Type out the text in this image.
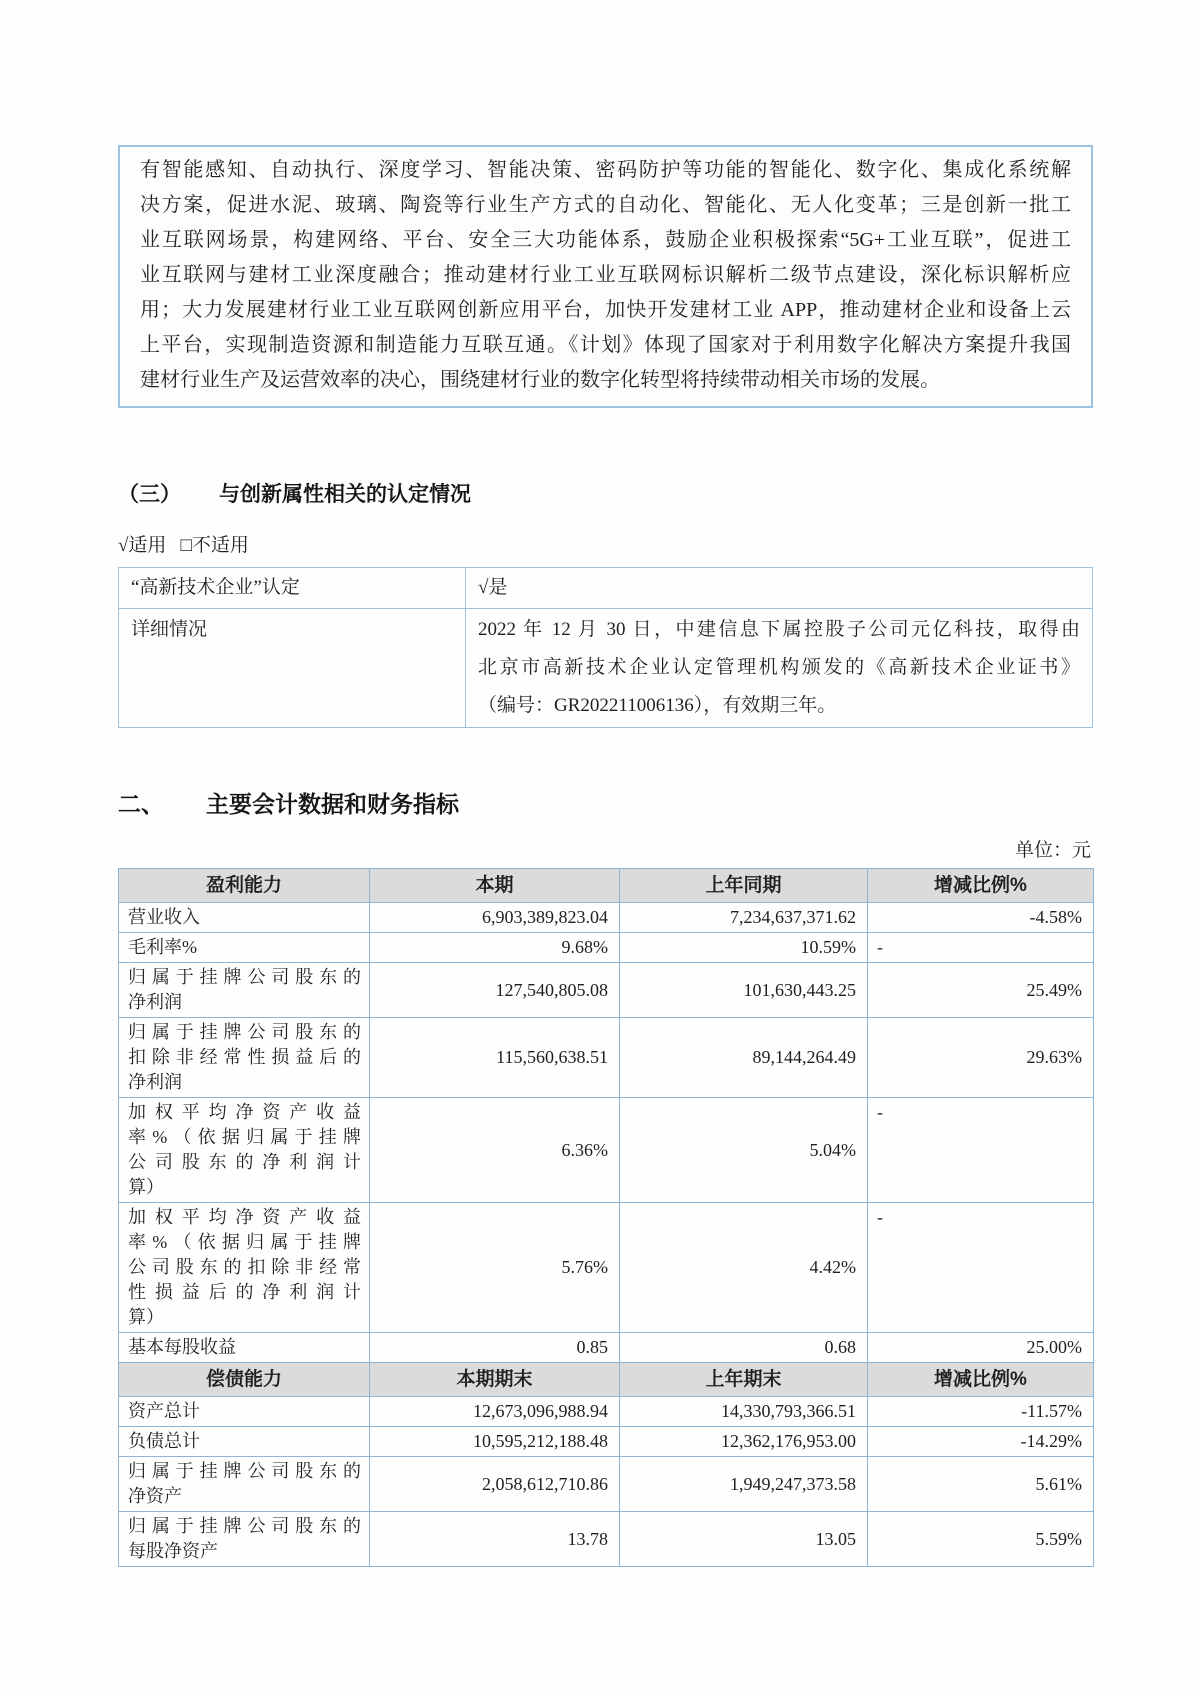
有智能感知、自动执行、深度学习、智能决策、密码防护等功能的智能化、数字化、集成化系统解
决方案，促进水泥、玻璃、陶瓷等行业生产方式的自动化、智能化、无人化变革；三是创新一批工
业互联网场景，构建网络、平台、安全三大功能体系，鼓励企业积极探索“5G+工业互联”，促进工
业互联网与建材工业深度融合；推动建材行业工业互联网标识解析二级节点建设，深化标识解析应
用；大力发展建材行业工业互联网创新应用平台，加快开发建材工业 APP，推动建材企业和设备上云
上平台，实现制造资源和制造能力互联互通。《计划》体现了国家对于利用数字化解决方案提升我国
建材行业生产及运营效率的决心，围绕建材行业的数字化转型将持续带动相关市场的发展。
（三） 与创新属性相关的认定情况
√适用 □不适用
“高新技术企业”认定	√是
详细情况	2022 年 12 月 30 日，中建信息下属控股子公司元亿科技，取得由
北京市高新技术企业认定管理机构颁发的《高新技术企业证书》
（编号：GR202211006136），有效期三年。
二、 主要会计数据和财务指标
单位：元
盈利能力	本期	上年同期	增减比例%

营业收入	6,903,389,823.04	7,234,637,371.62	-4.58%

毛利率%	9.68%	10.59%	-

归属于挂牌公司股东的
净利润	127,540,805.08	101,630,443.25	25.49%

归属于挂牌公司股东的
扣除非经常性损益后的
净利润	115,560,638.51	89,144,264.49	29.63%

加权平均净资产收益
率%（依据归属于挂牌
公司股东的净利润计
算）	6.36%	5.04%	-

加权平均净资产收益
率%（依据归属于挂牌
公司股东的扣除非经常
性损益后的净利润计
算）	5.76%	4.42%	-

基本每股收益	0.85	0.68	25.00%
偿债能力	本期期末	上年期末	增减比例%

资产总计	12,673,096,988.94	14,330,793,366.51	-11.57%

负债总计	10,595,212,188.48	12,362,176,953.00	-14.29%

归属于挂牌公司股东的
净资产	2,058,612,710.86	1,949,247,373.58	5.61%

归属于挂牌公司股东的
每股净资产	13.78	13.05	5.59%
